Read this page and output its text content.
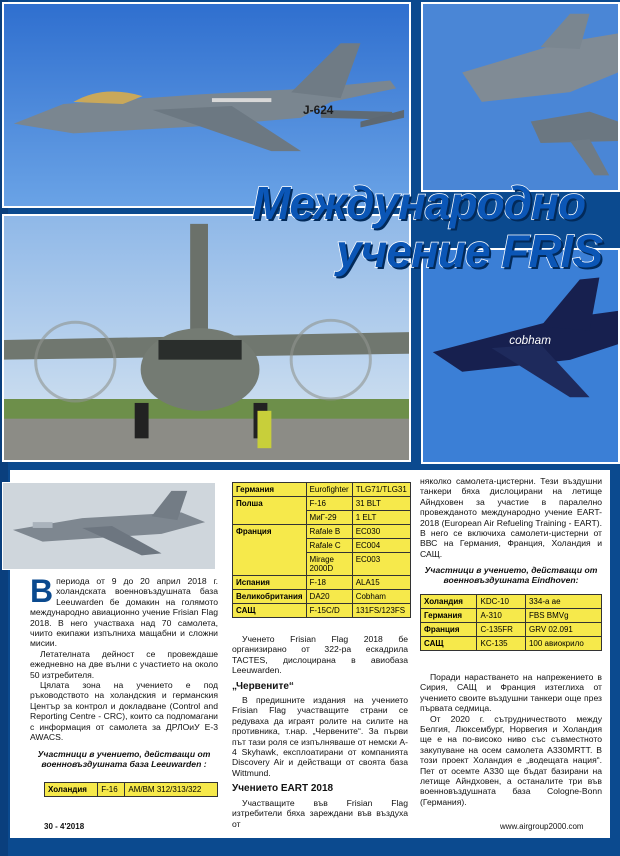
J-624
cobham
Международно
учение FRIS
Германия	Eurofighter	TLG71/TLG31
Полша	F-16	31 BLT
	МиГ-29	1 ELT
Франция	Rafale B	EC030
	Rafale C	EC004
	Mirage 2000D	EC003
Испания	F-18	ALA15
Великобритания	DA20	Cobham
САЩ	F-15C/D	131FS/123FS

Впериода от 9 до 20 април 2018 г. холандската военновъздушната база Leeuwarden бе домакин на голямото международно авиационно учение Frisian Flag 2018. В него участваха над 70 самолета, чиито екипажи изпълниха мащабни и сложни мисии.

Летателната дейност се провеждаше ежедневно на две вълни с участието на около 50 изтребителя.

Цялата зона на учението е под ръководството на холандския и германския Център за контрол и докладване (Control and Reporting Centre - CRC), които са подпомагани с информация от самолета за ДРЛОиУ Е-3 AWACS.

Участници в учението, действащи от военновъздушната база Leeuwarden :

Холандия	F-16	AM/BM 312/313/322

Ученето Frisian Flag 2018 бе организирано от 322-ра ескадрила TACTES, дислоцирана в авиобаза Leeuwarden.

„Червените“

В предишните издания на учението Frisian Flag участващите страни се редуваха да играят ролите на силите на противника, т.нар. „Червените“. За първи път тази роля се изпълняваше от немски A-4 Skyhawk, експлоатирани от компанията Discovery Air и действащи от своята база Wittmund.

Учението EART 2018

Участващите във Frisian Flag изтребители бяха зареждани във въздуха от

няколко самолета-цистерни. Тези въздушни танкери бяха дислоцирани на летище Айндховен за участие в паралелно провежданото международно учение EART-2018 (European Air Refueling Training - EART). В него се включиха самолети-цистерни от ВВС на Германия, Франция, Холандия и САЩ.

Участници в учението, действащи от военновъздушната Eindhoven:

Холандия	KDC-10	334-а ае
Германия	A-310	FBS BMVg
Франция	C-135FR	GRV 02.091
САЩ	KC-135	100 авиокрило

Поради нарастването на напрежението в Сирия, САЩ и Франция изтеглиха от учението своите въздушни танкери още през първата седмица.

От 2020 г. сътрудничеството между Белгия, Люксембург, Норвегия и Холандия ще е на по-високо ниво със съвместното закупуване на осем самолета A330MRTT. В този проект Холандия е „водещата нация“. Пет от осемте A330 ще бъдат базирани на летище Айндховен, а останалите три във военновъздушната база Cologne-Bonn (Германия).

30 - 4'2018	www.airgroup2000.com
